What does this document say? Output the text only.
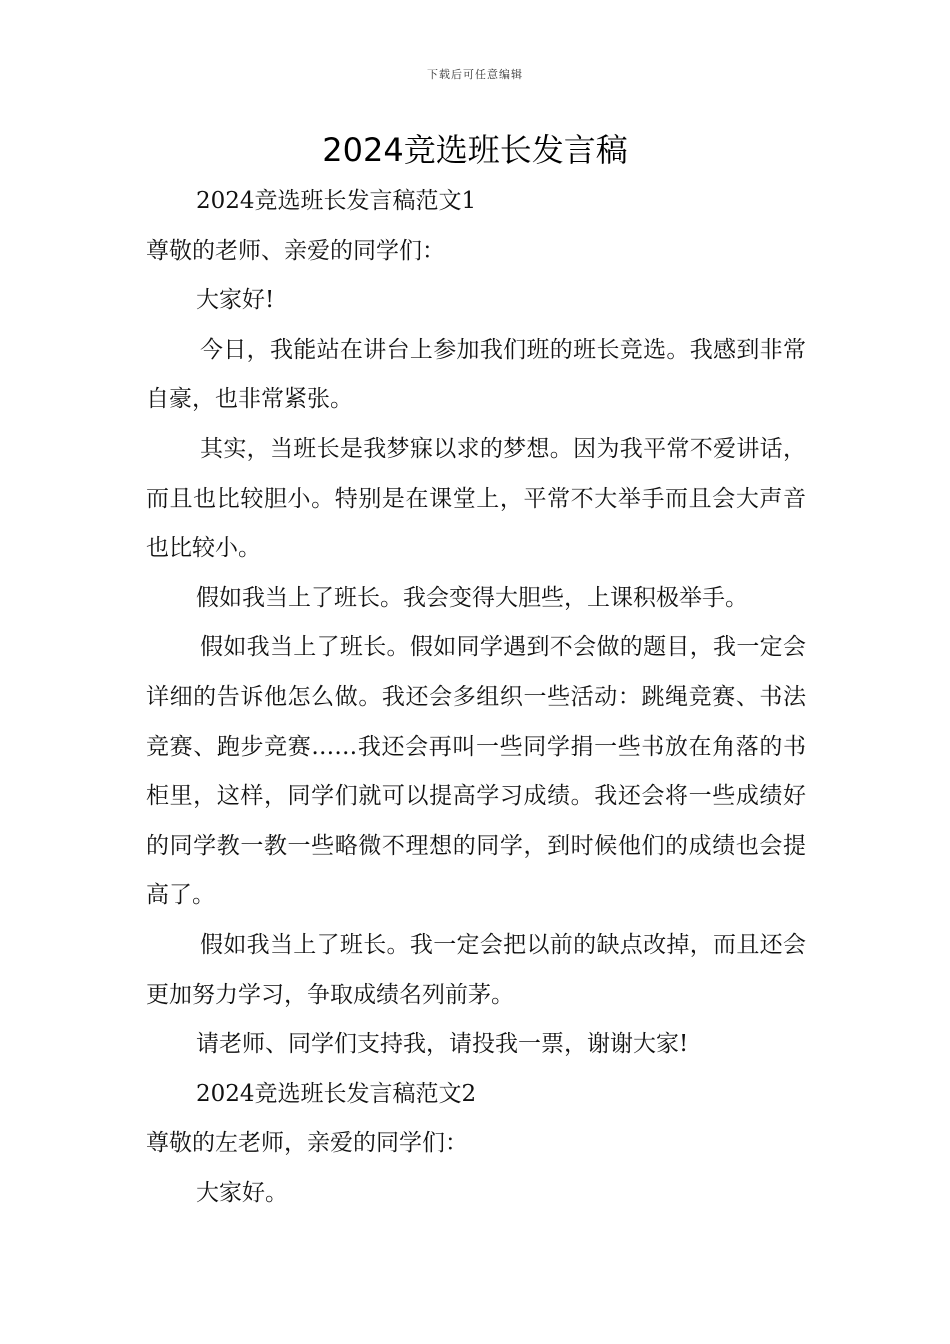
下载后可任意编辑
2024竞选班长发言稿

2024竞选班长发言稿范文1

尊敬的老师、亲爱的同学们：

大家好!

今日，我能站在讲台上参加我们班的班长竞选。我感到非常自豪，也非常紧张。

其实，当班长是我梦寐以求的梦想。因为我平常不爱讲话，而且也比较胆小。特别是在课堂上，平常不大举手而且会大声音也比较小。

假如我当上了班长。我会变得大胆些，上课积极举手。

假如我当上了班长。假如同学遇到不会做的题目，我一定会详细的告诉他怎么做。我还会多组织一些活动：跳绳竞赛、书法竞赛、跑步竞赛……我还会再叫一些同学捐一些书放在角落的书柜里，这样，同学们就可以提高学习成绩。我还会将一些成绩好的同学教一教一些略微不理想的同学，到时候他们的成绩也会提高了。

假如我当上了班长。我一定会把以前的缺点改掉，而且还会更加努力学习，争取成绩名列前茅。

请老师、同学们支持我，请投我一票，谢谢大家!

2024竞选班长发言稿范文2

尊敬的左老师，亲爱的同学们：

大家好。
